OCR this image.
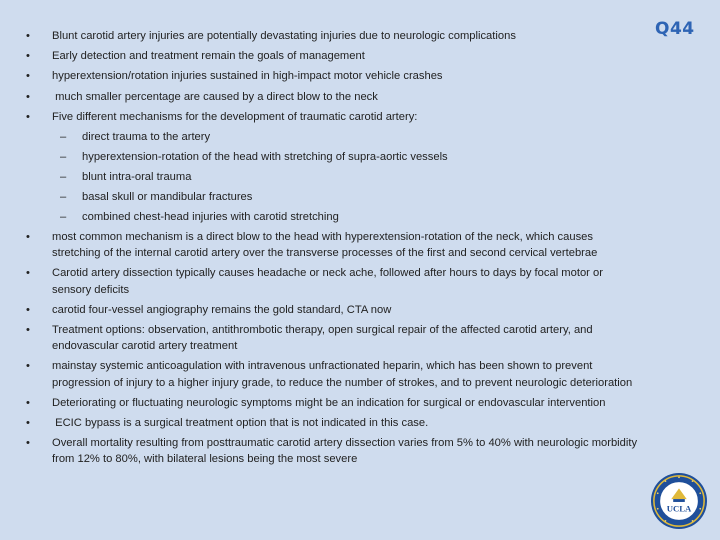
Q44
•	Blunt carotid artery injuries are potentially devastating injuries due to neurologic complications
•	Early detection and treatment remain the goals of management
•	hyperextension/rotation injuries sustained in high-impact motor vehicle crashes
•	much smaller percentage are caused by a direct blow to the neck
•	Five different mechanisms for the development of traumatic carotid artery:
–	direct trauma to the artery
–	hyperextension-rotation of the head with stretching of supra-aortic vessels
–	blunt intra-oral trauma
–	basal skull or mandibular fractures
–	combined chest-head injuries with carotid stretching
•	most common mechanism is a direct blow to the head with hyperextension-rotation of the neck, which causes stretching of the internal carotid artery over the transverse processes of the first and second cervical vertebrae
•	Carotid artery dissection typically causes headache or neck ache, followed after hours to days by focal motor or sensory deficits
•	carotid four-vessel angiography remains the gold standard, CTA now
•	Treatment options: observation, antithrombotic therapy, open surgical repair of the affected carotid artery, and endovascular carotid artery treatment
•	mainstay systemic anticoagulation with intravenous unfractionated heparin, which has been shown to prevent progression of injury to a higher injury grade, to reduce the number of strokes, and to prevent neurologic deterioration
•	Deteriorating or fluctuating neurologic symptoms might be an indication for surgical or endovascular intervention
•	ECIC bypass is a surgical treatment option that is not indicated in this case.
•	Overall mortality resulting from posttraumatic carotid artery dissection varies from 5% to 40% with neurologic morbidity from 12% to 80%, with bilateral lesions being the most severe
UCLA
